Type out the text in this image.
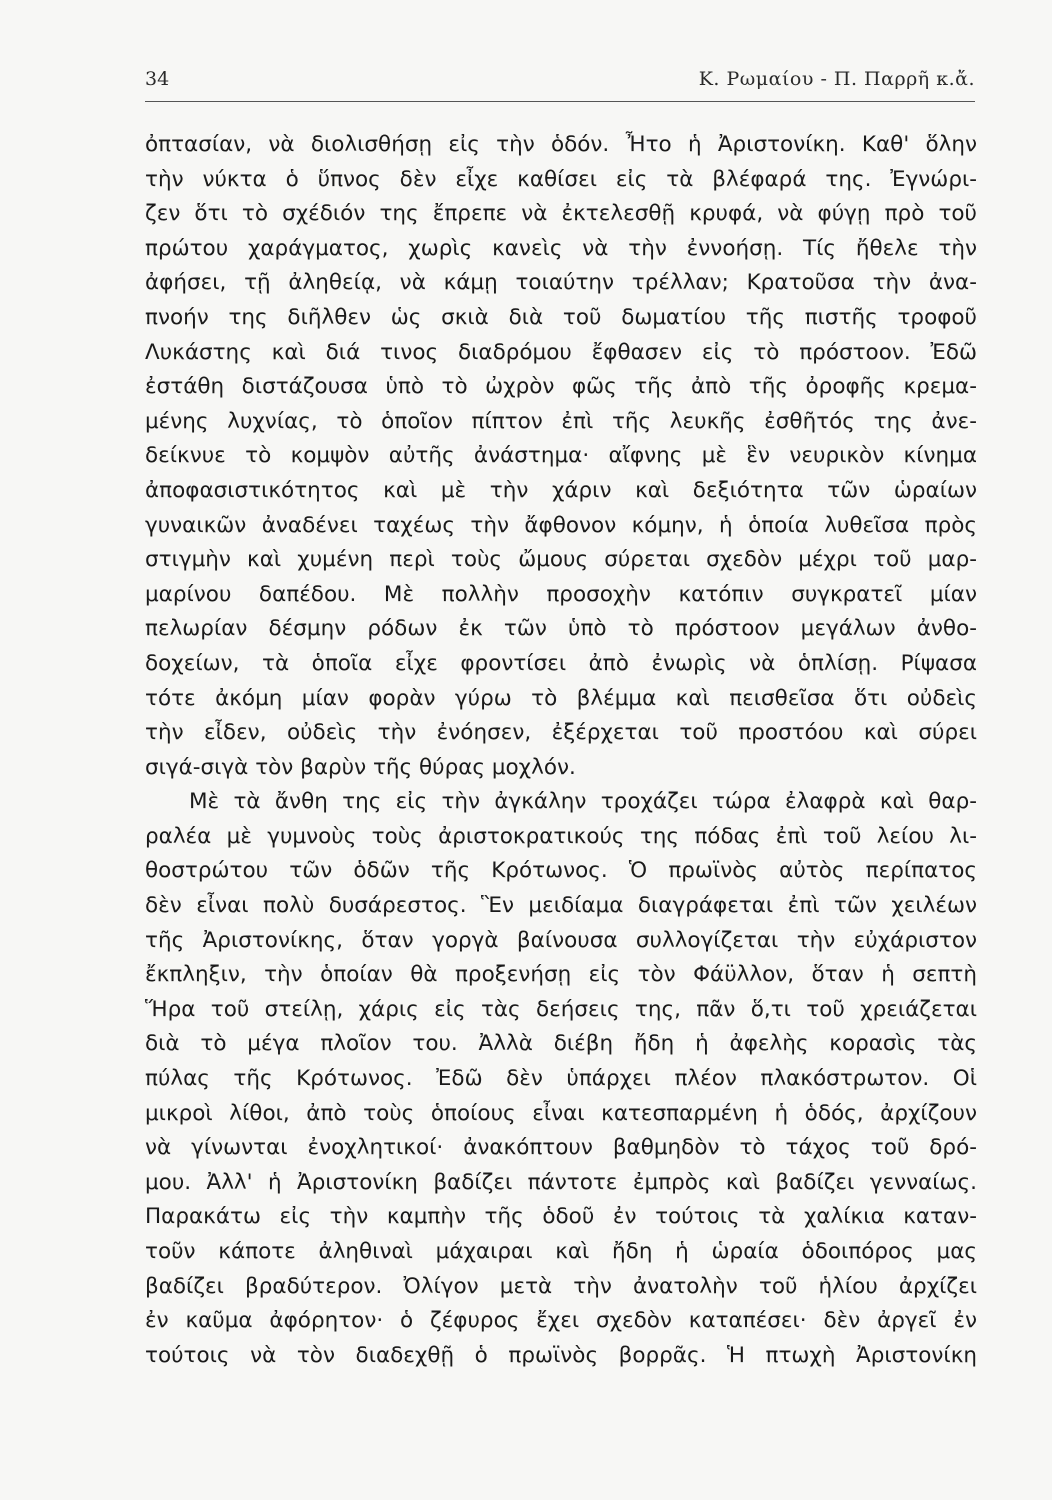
34	Κ. Ρωμαίου - Π. Παρρῆ κ.ἄ.
ὀπτασίαν, νὰ διολισθήσῃ εἰς τὴν ὁδόν. Ἦτο ἡ Ἀριστονίκη. Καθ' ὅλην
τὴν νύκτα ὁ ὕπνος δὲν εἶχε καθίσει εἰς τὰ βλέφαρά της. Ἐγνώρι-
ζεν ὅτι τὸ σχέδιόν της ἔπρεπε νὰ ἐκτελεσθῇ κρυφά, νὰ φύγῃ πρὸ τοῦ
πρώτου χαράγματος, χωρὶς κανεὶς νὰ τὴν ἐννοήσῃ. Τίς ἤθελε τὴν
ἀφήσει, τῇ ἀληθείᾳ, νὰ κάμῃ τοιαύτην τρέλλαν; Κρατοῦσα τὴν ἀνα-
πνοήν της διῆλθεν ὡς σκιὰ διὰ τοῦ δωματίου τῆς πιστῆς τροφοῦ
Λυκάστης καὶ διά τινος διαδρόμου ἔφθασεν εἰς τὸ πρόστοον. Ἐδῶ
ἐστάθη διστάζουσα ὑπὸ τὸ ὠχρὸν φῶς τῆς ἀπὸ τῆς ὀροφῆς κρεμα-
μένης λυχνίας, τὸ ὁποῖον πίπτον ἐπὶ τῆς λευκῆς ἐσθῆτός της ἀνε-
δείκνυε τὸ κομψὸν αὐτῆς ἀνάστημα· αἴφνης μὲ ἓν νευρικὸν κίνημα
ἀποφασιστικότητος καὶ μὲ τὴν χάριν καὶ δεξιότητα τῶν ὡραίων
γυναικῶν ἀναδένει ταχέως τὴν ἄφθονον κόμην, ἡ ὁποία λυθεῖσα πρὸς
στιγμὴν καὶ χυμένη περὶ τοὺς ὤμους σύρεται σχεδὸν μέχρι τοῦ μαρ-
μαρίνου δαπέδου. Μὲ πολλὴν προσοχὴν κατόπιν συγκρατεῖ μίαν
πελωρίαν δέσμην ρόδων ἐκ τῶν ὑπὸ τὸ πρόστοον μεγάλων ἀνθο-
δοχείων, τὰ ὁποῖα εἶχε φροντίσει ἀπὸ ἐνωρὶς νὰ ὁπλίσῃ. Ρίψασα
τότε ἀκόμη μίαν φορὰν γύρω τὸ βλέμμα καὶ πεισθεῖσα ὅτι οὐδεὶς
τὴν εἶδεν, οὐδεὶς τὴν ἐνόησεν, ἐξέρχεται τοῦ προστόου καὶ σύρει
σιγά-σιγὰ τὸν βαρὺν τῆς θύρας μοχλόν.
Μὲ τὰ ἄνθη της εἰς τὴν ἀγκάλην τροχάζει τώρα ἐλαφρὰ καὶ θαρ-
ραλέα μὲ γυμνοὺς τοὺς ἀριστοκρατικούς της πόδας ἐπὶ τοῦ λείου λι-
θοστρώτου τῶν ὁδῶν τῆς Κρότωνος. Ὁ πρωϊνὸς αὐτὸς περίπατος
δὲν εἶναι πολὺ δυσάρεστος. Ἓν μειδίαμα διαγράφεται ἐπὶ τῶν χειλέων
τῆς Ἀριστονίκης, ὅταν γοργὰ βαίνουσα συλλογίζεται τὴν εὐχάριστον
ἔκπληξιν, τὴν ὁποίαν θὰ προξενήσῃ εἰς τὸν Φάϋλλον, ὅταν ἡ σεπτὴ
Ἥρα τοῦ στείλῃ, χάρις εἰς τὰς δεήσεις της, πᾶν ὅ,τι τοῦ χρειάζεται
διὰ τὸ μέγα πλοῖον του. Ἀλλὰ διέβη ἤδη ἡ ἀφελὴς κορασὶς τὰς
πύλας τῆς Κρότωνος. Ἐδῶ δὲν ὑπάρχει πλέον πλακόστρωτον. Οἱ
μικροὶ λίθοι, ἀπὸ τοὺς ὁποίους εἶναι κατεσπαρμένη ἡ ὁδός, ἀρχίζουν
νὰ γίνωνται ἐνοχλητικοί· ἀνακόπτουν βαθμηδὸν τὸ τάχος τοῦ δρό-
μου. Ἀλλ' ἡ Ἀριστονίκη βαδίζει πάντοτε ἐμπρὸς καὶ βαδίζει γενναίως.
Παρακάτω εἰς τὴν καμπὴν τῆς ὁδοῦ ἐν τούτοις τὰ χαλίκια καταν-
τοῦν κάποτε ἀληθιναὶ μάχαιραι καὶ ἤδη ἡ ὡραία ὁδοιπόρος μας
βαδίζει βραδύτερον. Ὀλίγον μετὰ τὴν ἀνατολὴν τοῦ ἡλίου ἀρχίζει
ἐν καῦμα ἀφόρητον· ὁ ζέφυρος ἔχει σχεδὸν καταπέσει· δὲν ἀργεῖ ἐν
τούτοις νὰ τὸν διαδεχθῇ ὁ πρωϊνὸς βορρᾶς. Ἡ πτωχὴ Ἀριστονίκη
